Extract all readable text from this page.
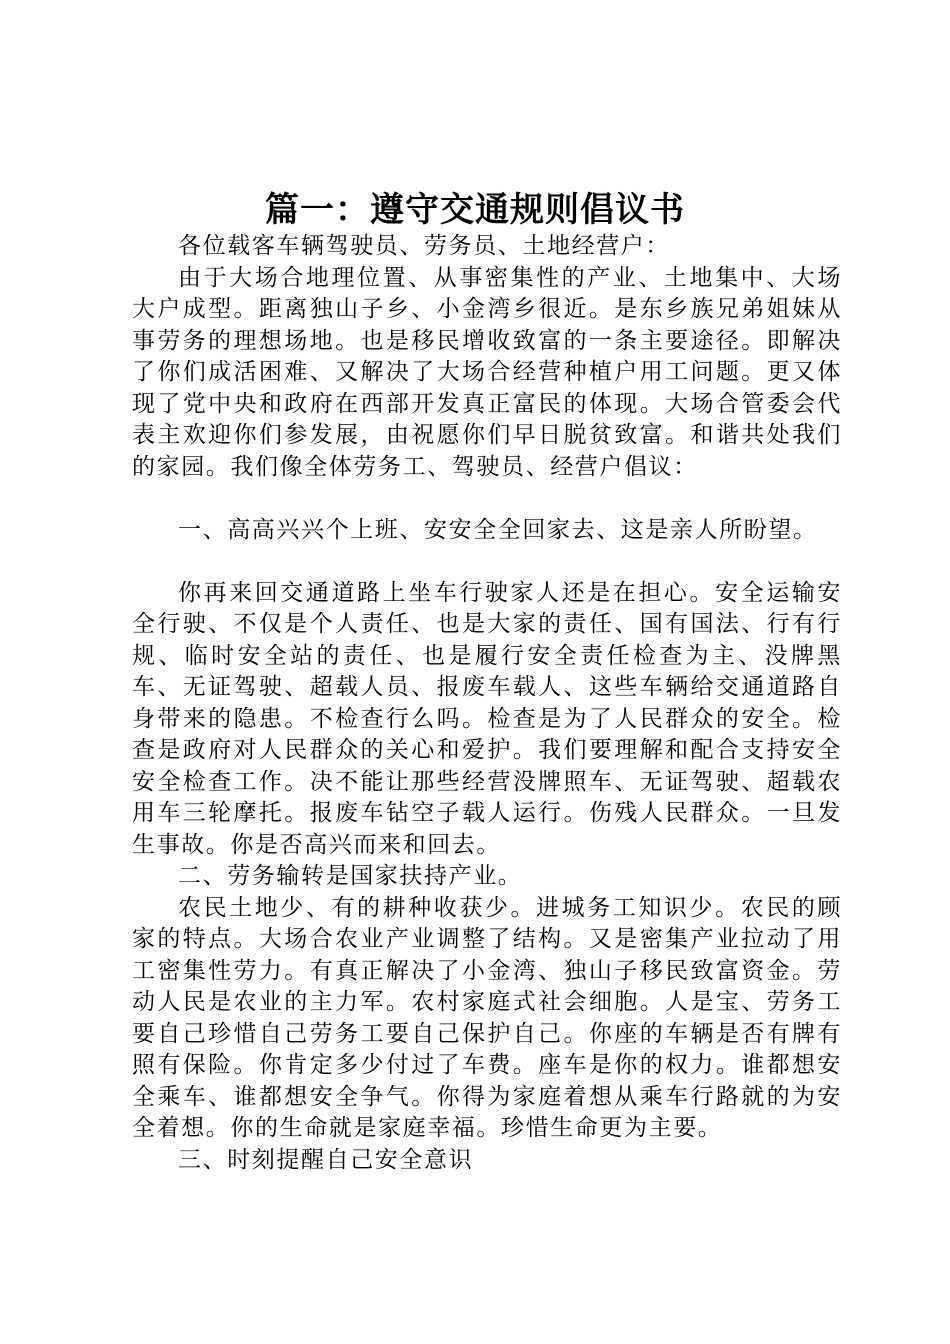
篇一：遵守交通规则倡议书

各位载客车辆驾驶员、劳务员、土地经营户：

由于大场合地理位置、从事密集性的产业、土地集中、大场大户成型。距离独山子乡、小金湾乡很近。是东乡族兄弟姐妹从事劳务的理想场地。也是移民增收致富的一条主要途径。即解决了你们成活困难、又解决了大场合经营种植户用工问题。更又体现了党中央和政府在西部开发真正富民的体现。大场合管委会代表主欢迎你们参发展，由祝愿你们早日脱贫致富。和谐共处我们的家园。我们像全体劳务工、驾驶员、经营户倡议：

一、高高兴兴个上班、安安全全回家去、这是亲人所盼望。

你再来回交通道路上坐车行驶家人还是在担心。安全运输安全行驶、不仅是个人责任、也是大家的责任、国有国法、行有行规、临时安全站的责任、也是履行安全责任检查为主、没牌黑车、无证驾驶、超载人员、报废车载人、这些车辆给交通道路自身带来的隐患。不检查行么吗。检查是为了人民群众的安全。检查是政府对人民群众的关心和爱护。我们要理解和配合支持安全安全检查工作。决不能让那些经营没牌照车、无证驾驶、超载农用车三轮摩托。报废车钻空子载人运行。伤残人民群众。一旦发生事故。你是否高兴而来和回去。

二、劳务输转是国家扶持产业。

农民土地少、有的耕种收获少。进城务工知识少。农民的顾家的特点。大场合农业产业调整了结构。又是密集产业拉动了用工密集性劳力。有真正解决了小金湾、独山子移民致富资金。劳动人民是农业的主力军。农村家庭式社会细胞。人是宝、劳务工要自己珍惜自己劳务工要自己保护自己。你座的车辆是否有牌有照有保险。你肯定多少付过了车费。座车是你的权力。谁都想安全乘车、谁都想安全争气。你得为家庭着想从乘车行路就的为安全着想。你的生命就是家庭幸福。珍惜生命更为主要。

三、时刻提醒自己安全意识
